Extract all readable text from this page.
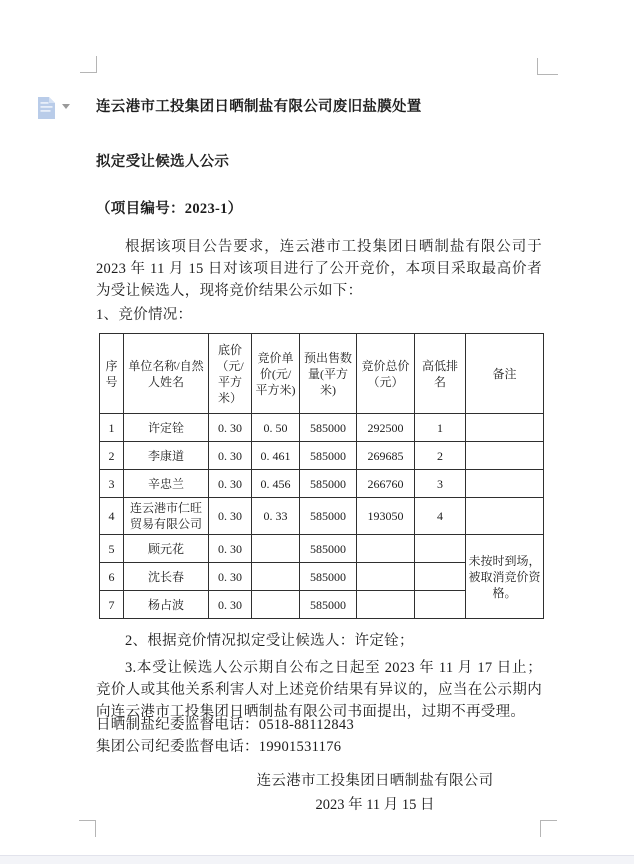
连云港市工投集团日晒制盐有限公司废旧盐膜处置
拟定受让候选人公示
（项目编号：2023-1）
根据该项目公告要求，连云港市工投集团日晒制盐有限公司于 2023 年 11 月 15 日对该项目进行了公开竞价，本项目采取最高价者为受让候选人，现将竞价结果公示如下：
1、竞价情况：
序号	单位名称/自然人姓名	底价（元/平方米）	竞价单价(元/平方米)	预出售数量(平方米)	竞价总价（元）	高低排名	备注
1	许定铨	0. 30	0. 50	585000	292500	1	
2	李康道	0. 30	0. 461	585000	269685	2	
3	辛忠兰	0. 30	0. 456	585000	266760	3	
4	连云港市仁旺贸易有限公司	0. 30	0. 33	585000	193050	4	
5	顾元花	0. 30		585000			未按时到场，被取消竞价资格。
6	沈长春	0. 30		585000			
7	杨占波	0. 30		585000			
2、根据竞价情况拟定受让候选人：许定铨；
3.本受让候选人公示期自公布之日起至 2023 年 11 月 17 日止；竞价人或其他关系利害人对上述竞价结果有异议的，应当在公示期内向连云港市工投集团日晒制盐有限公司书面提出，过期不再受理。
日晒制盐纪委监督电话：0518-88112843
集团公司纪委监督电话：19901531176
连云港市工投集团日晒制盐有限公司
2023 年 11 月 15 日
